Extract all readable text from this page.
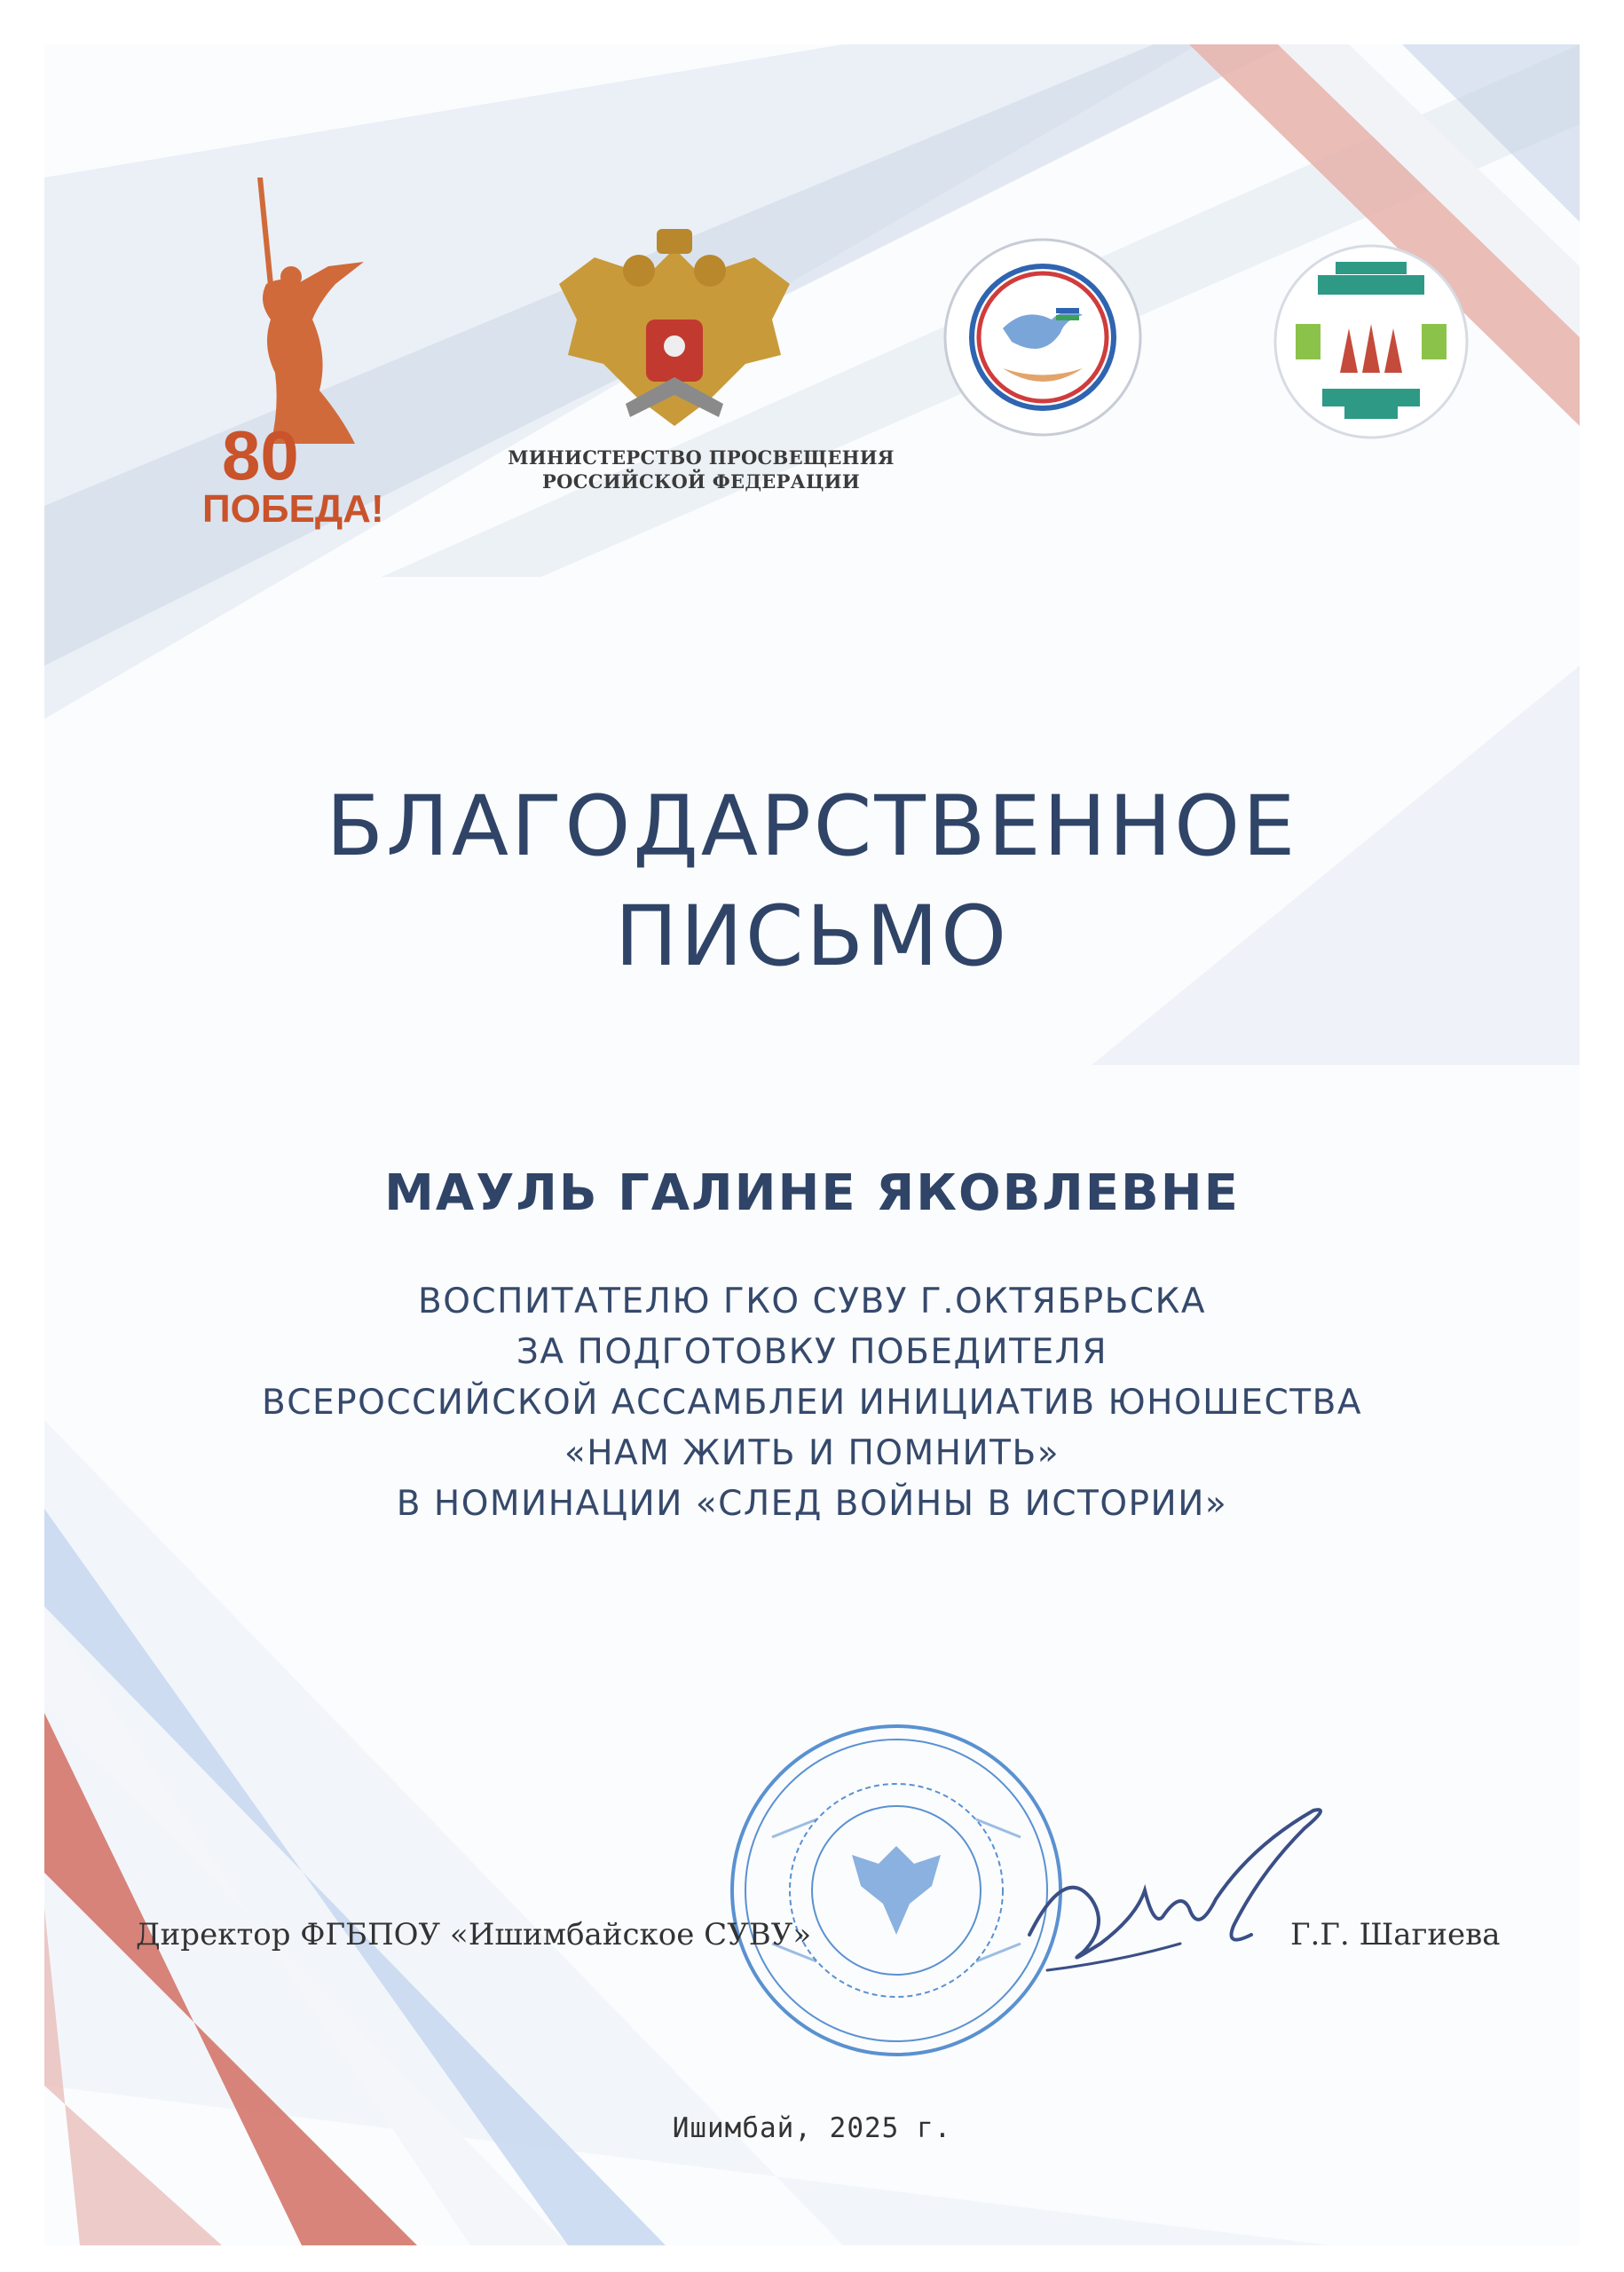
80
ПОБЕДА!
МИНИСТЕРСТВО ПРОСВЕЩЕНИЯ
РОССИЙСКОЙ ФЕДЕРАЦИИ
БЛАГОДАРСТВЕННОЕ
ПИСЬМО
МАУЛЬ ГАЛИНЕ ЯКОВЛЕВНЕ
ВОСПИТАТЕЛЮ ГКО СУВУ Г.ОКТЯБРЬСКА
ЗА ПОДГОТОВКУ ПОБЕДИТЕЛЯ
ВСЕРОССИЙСКОЙ АССАМБЛЕИ ИНИЦИАТИВ ЮНОШЕСТВА
«НАМ ЖИТЬ И ПОМНИТЬ»
В НОМИНАЦИИ «СЛЕД ВОЙНЫ В ИСТОРИИ»
Директор ФГБПОУ «Ишимбайское СУВУ»	Г.Г. Шагиева
Ишимбай, 2025 г.
